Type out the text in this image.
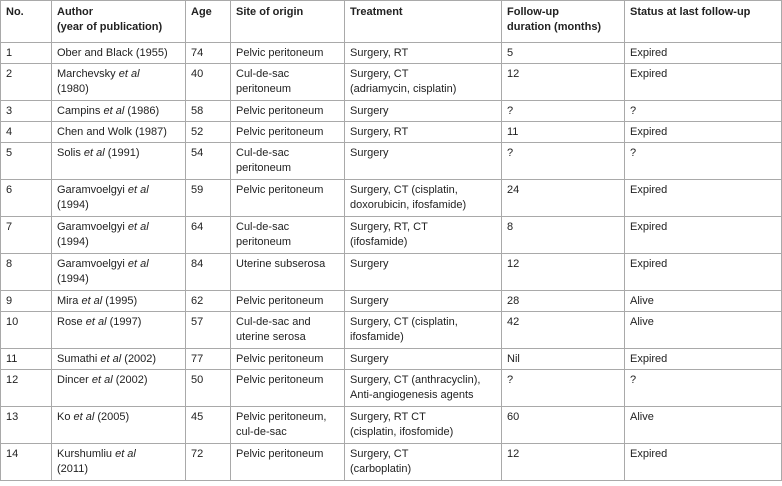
No.	Author
(year of publication)	Age	Site of origin	Treatment	Follow-up
duration (months)	Status at last follow-up
1	Ober and Black (1955)	74	Pelvic peritoneum	Surgery, RT	5	Expired
2	Marchevsky et al
(1980)	40	Cul-de-sac
peritoneum	Surgery, CT
(adriamycin, cisplatin)	12	Expired
3	Campins et al (1986)	58	Pelvic peritoneum	Surgery	?	?
4	Chen and Wolk (1987)	52	Pelvic peritoneum	Surgery, RT	11	Expired
5	Solis et al (1991)	54	Cul-de-sac
peritoneum	Surgery	?	?
6	Garamvoelgyi et al
(1994)	59	Pelvic peritoneum	Surgery, CT (cisplatin,
doxorubicin, ifosfamide)	24	Expired
7	Garamvoelgyi et al
(1994)	64	Cul-de-sac
peritoneum	Surgery, RT, CT
(ifosfamide)	8	Expired
8	Garamvoelgyi et al
(1994)	84	Uterine subserosa	Surgery	12	Expired
9	Mira et al (1995)	62	Pelvic peritoneum	Surgery	28	Alive
10	Rose et al (1997)	57	Cul-de-sac and
uterine serosa	Surgery, CT (cisplatin,
ifosfamide)	42	Alive
11	Sumathi et al (2002)	77	Pelvic peritoneum	Surgery	Nil	Expired
12	Dincer et al (2002)	50	Pelvic peritoneum	Surgery, CT (anthracyclin),
Anti-angiogenesis agents	?	?
13	Ko et al (2005)	45	Pelvic peritoneum,
cul-de-sac	Surgery, RT CT
(cisplatin, ifosfomide)	60	Alive
14	Kurshumliu et al
(2011)	72	Pelvic peritoneum	Surgery, CT
(carboplatin)	12	Expired
